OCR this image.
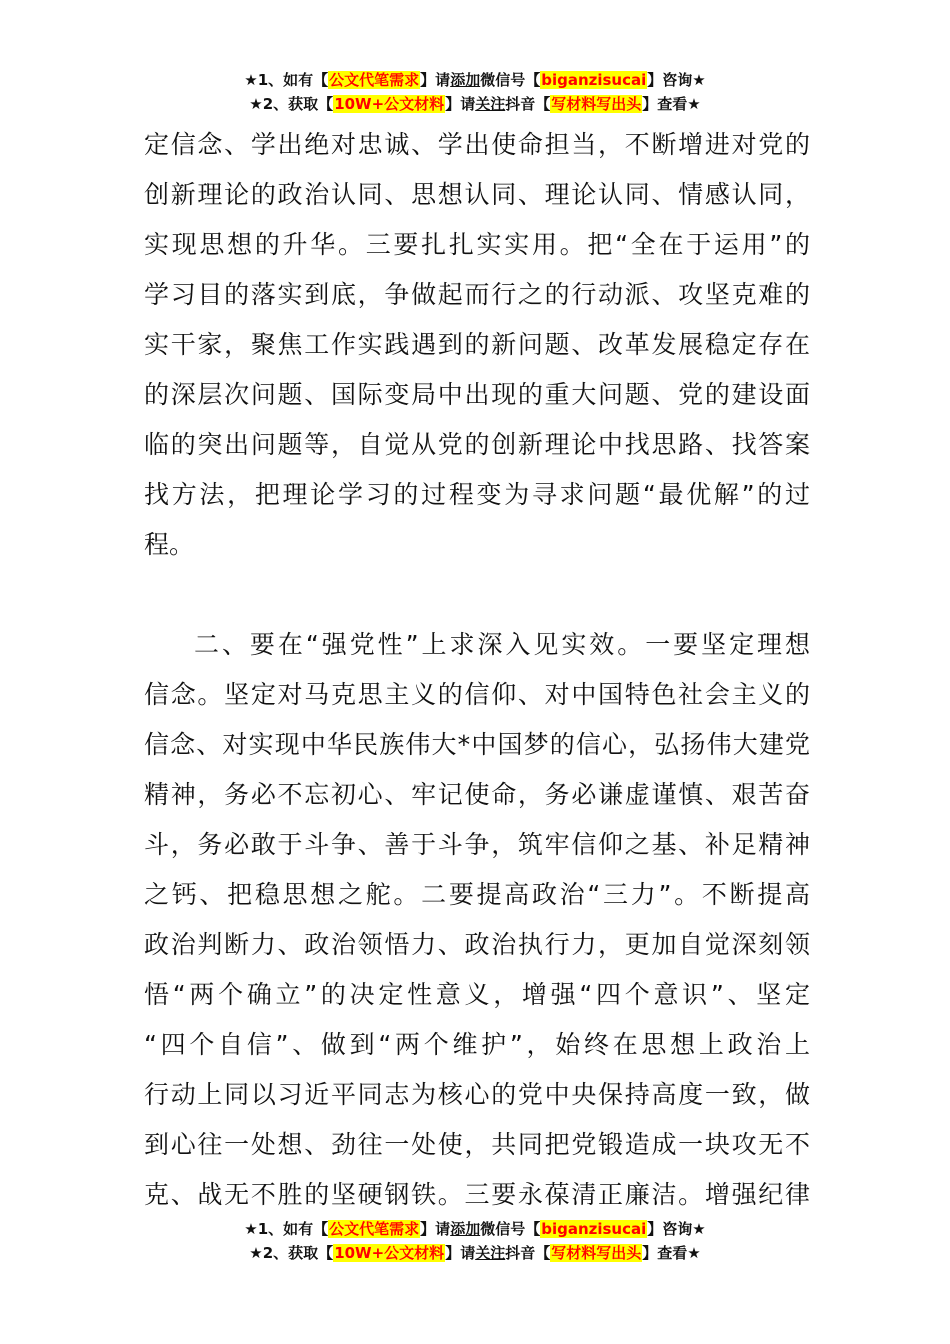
★1、如有【公文代笔需求】请添加微信号【biganzisucai】咨询★
★2、获取【10W+公文材料】请关注抖音【写材料写出头】查看★
定信念、学出绝对忠诚、学出使命担当，不断增进对党的
创新理论的政治认同、思想认同、理论认同、情感认同，
实现思想的升华。三要扎扎实实用。把“全在于运用”的
学习目的落实到底，争做起而行之的行动派、攻坚克难的
实干家，聚焦工作实践遇到的新问题、改革发展稳定存在
的深层次问题、国际变局中出现的重大问题、党的建设面
临的突出问题等，自觉从党的创新理论中找思路、找答案
找方法，把理论学习的过程变为寻求问题“最优解”的过
程。
二、要在“强党性”上求深入见实效。一要坚定理想
信念。坚定对马克思主义的信仰、对中国特色社会主义的
信念、对实现中华民族伟大*中国梦的信心，弘扬伟大建党
精神，务必不忘初心、牢记使命，务必谦虚谨慎、艰苦奋
斗，务必敢于斗争、善于斗争，筑牢信仰之基、补足精神
之钙、把稳思想之舵。二要提高政治“三力”。不断提高
政治判断力、政治领悟力、政治执行力，更加自觉深刻领
悟“两个确立”的决定性意义，增强“四个意识”、坚定
“四个自信”、做到“两个维护”，始终在思想上政治上
行动上同以习近平同志为核心的党中央保持高度一致，做
到心往一处想、劲往一处使，共同把党锻造成一块攻无不
克、战无不胜的坚硬钢铁。三要永葆清正廉洁。增强纪律
★1、如有【公文代笔需求】请添加微信号【biganzisucai】咨询★
★2、获取【10W+公文材料】请关注抖音【写材料写出头】查看★
